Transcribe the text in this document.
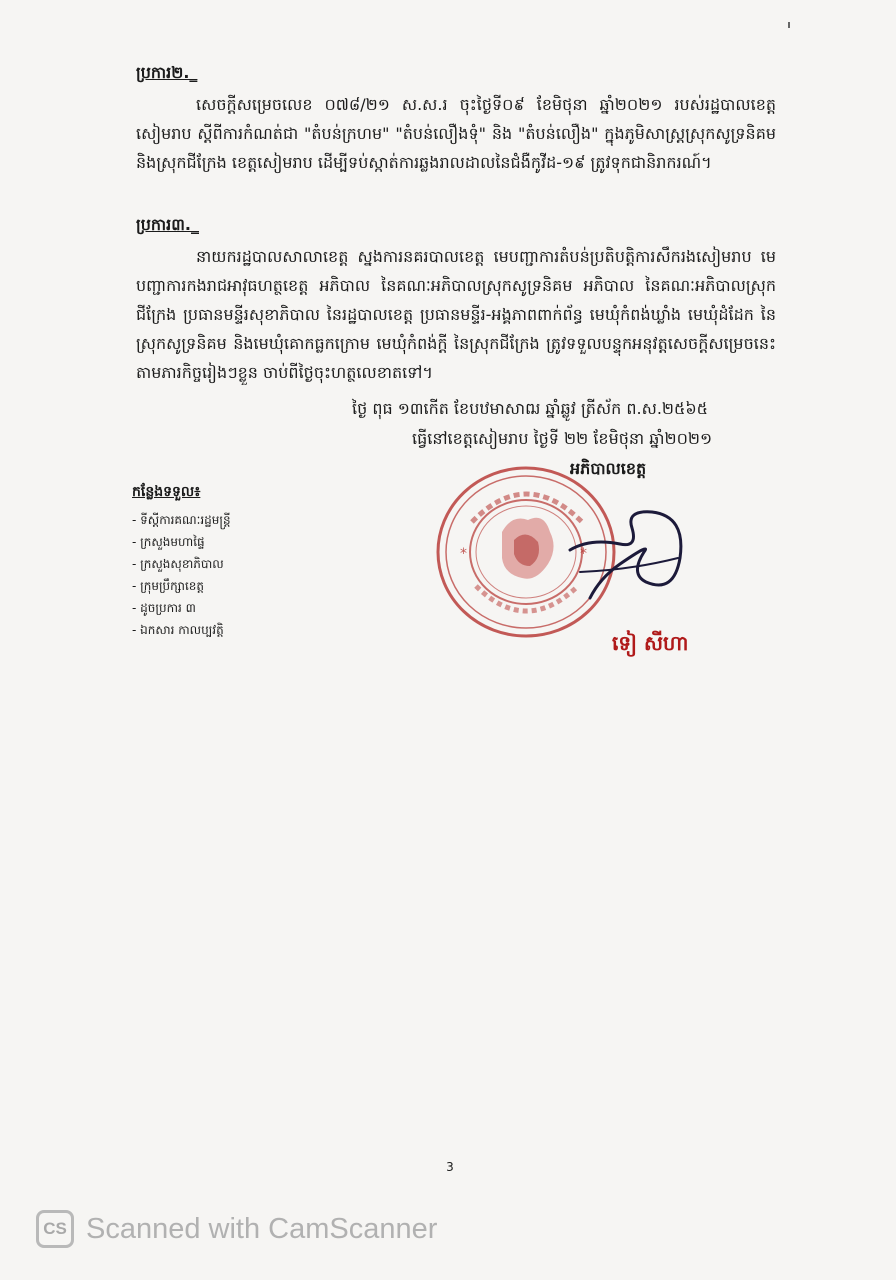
ប្រការ២._
សេចក្ដីសម្រេចលេខ ០៧៨/២១ ស.ស.រ ចុះថ្ងៃទី០៩ ខែមិថុនា ឆ្នាំ២០២១ របស់រដ្ឋបាលខេត្តសៀមរាប ស្តីពីការកំណត់ជា "តំបន់ក្រហម" "តំបន់លឿងទុំ" និង "តំបន់លឿង" ក្នុងភូមិសាស្ត្រស្រុកសូទ្រនិគម និងស្រុកជីក្រែង ខេត្តសៀមរាប ដើម្បីទប់ស្កាត់ការឆ្លងរាលដាលនៃជំងឺកូវីដ-១៩ ត្រូវទុកជានិរាករណ៍។
ប្រការ៣._
នាយករដ្ឋបាលសាលាខេត្ត ស្នងការនគរបាលខេត្ត មេបញ្ជាការតំបន់ប្រតិបត្តិការសឹករងសៀមរាប មេបញ្ជាការកងរាជអាវុធហត្ថខេត្ត អភិបាល នៃគណៈអភិបាលស្រុកសូទ្រនិគម អភិបាល នៃគណៈអភិបាលស្រុកជីក្រែង ប្រធានមន្ទីរសុខាភិបាល នៃរដ្ឋបាលខេត្ត ប្រធានមន្ទីរ-អង្គភាពពាក់ព័ន្ធ មេឃុំកំពង់ឃ្លាំង មេឃុំដំដែក នៃស្រុកសូទ្រនិគម និងមេឃុំគោកធ្លកក្រោម មេឃុំកំពង់ក្ដី នៃស្រុកជីក្រែង ត្រូវទទួលបន្ទុកអនុវត្តសេចក្ដីសម្រេចនេះតាមភារកិច្ចរៀងៗខ្លួន ចាប់ពីថ្ងៃចុះហត្ថលេខាតទៅ។
ថ្ងៃ ពុធ ១៣កើត ខែបឋមាសាឍ ឆ្នាំឆ្លូវ ត្រីស័ក ព.ស.២៥៦៥
ធ្វើនៅខេត្តសៀមរាប ថ្ងៃទី ២២ ខែមិថុនា ឆ្នាំ២០២១
អភិបាលខេត្ត
កន្លែងទទួល៖
- ទីស្ដីការគណៈរដ្ឋមន្ត្រី
- ក្រសួងមហាផ្ទៃ
- ក្រសួងសុខាភិបាល
- ក្រុមប្រឹក្សាខេត្ត
- ដូចប្រការ ៣
- ឯកសារ កាលប្បវត្តិ
*	*
ទៀ សីហា
3
CS Scanned with CamScanner
